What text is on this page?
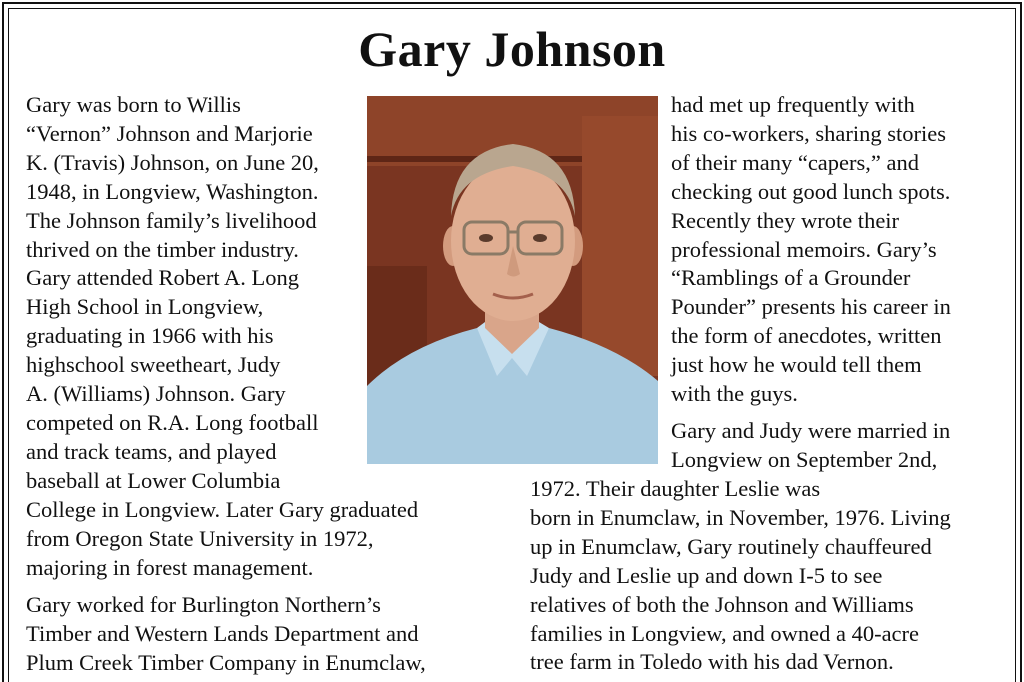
Gary Johnson
Gary was born to Willis
“Vernon” Johnson and Marjorie
K. (Travis) Johnson, on June 20,
1948, in Longview, Washington.
The Johnson family’s livelihood
thrived on the timber industry.
Gary attended Robert A. Long
High School in Longview,
graduating in 1966 with his
highschool sweetheart, Judy
A. (Williams) Johnson. Gary
competed on R.A. Long football
and track teams, and played
baseball at Lower Columbia
College in Longview. Later Gary graduated
from Oregon State University in 1972,
majoring in forest management.
Gary worked for Burlington Northern’s
Timber and Western Lands Department and
Plum Creek Timber Company in Enumclaw,
had met up frequently with
his co-workers, sharing stories
of their many “capers,” and
checking out good lunch spots.
Recently they wrote their
professional memoirs. Gary’s
“Ramblings of a Grounder
Pounder” presents his career in
the form of anecdotes, written
just how he would tell them
with the guys.
Gary and Judy were married in
Longview on September 2nd,
1972. Their daughter Leslie was
born in Enumclaw, in November, 1976. Living
up in Enumclaw, Gary routinely chauffeured
Judy and Leslie up and down I-5 to see
relatives of both the Johnson and Williams
families in Longview, and owned a 40-acre
tree farm in Toledo with his dad Vernon.
